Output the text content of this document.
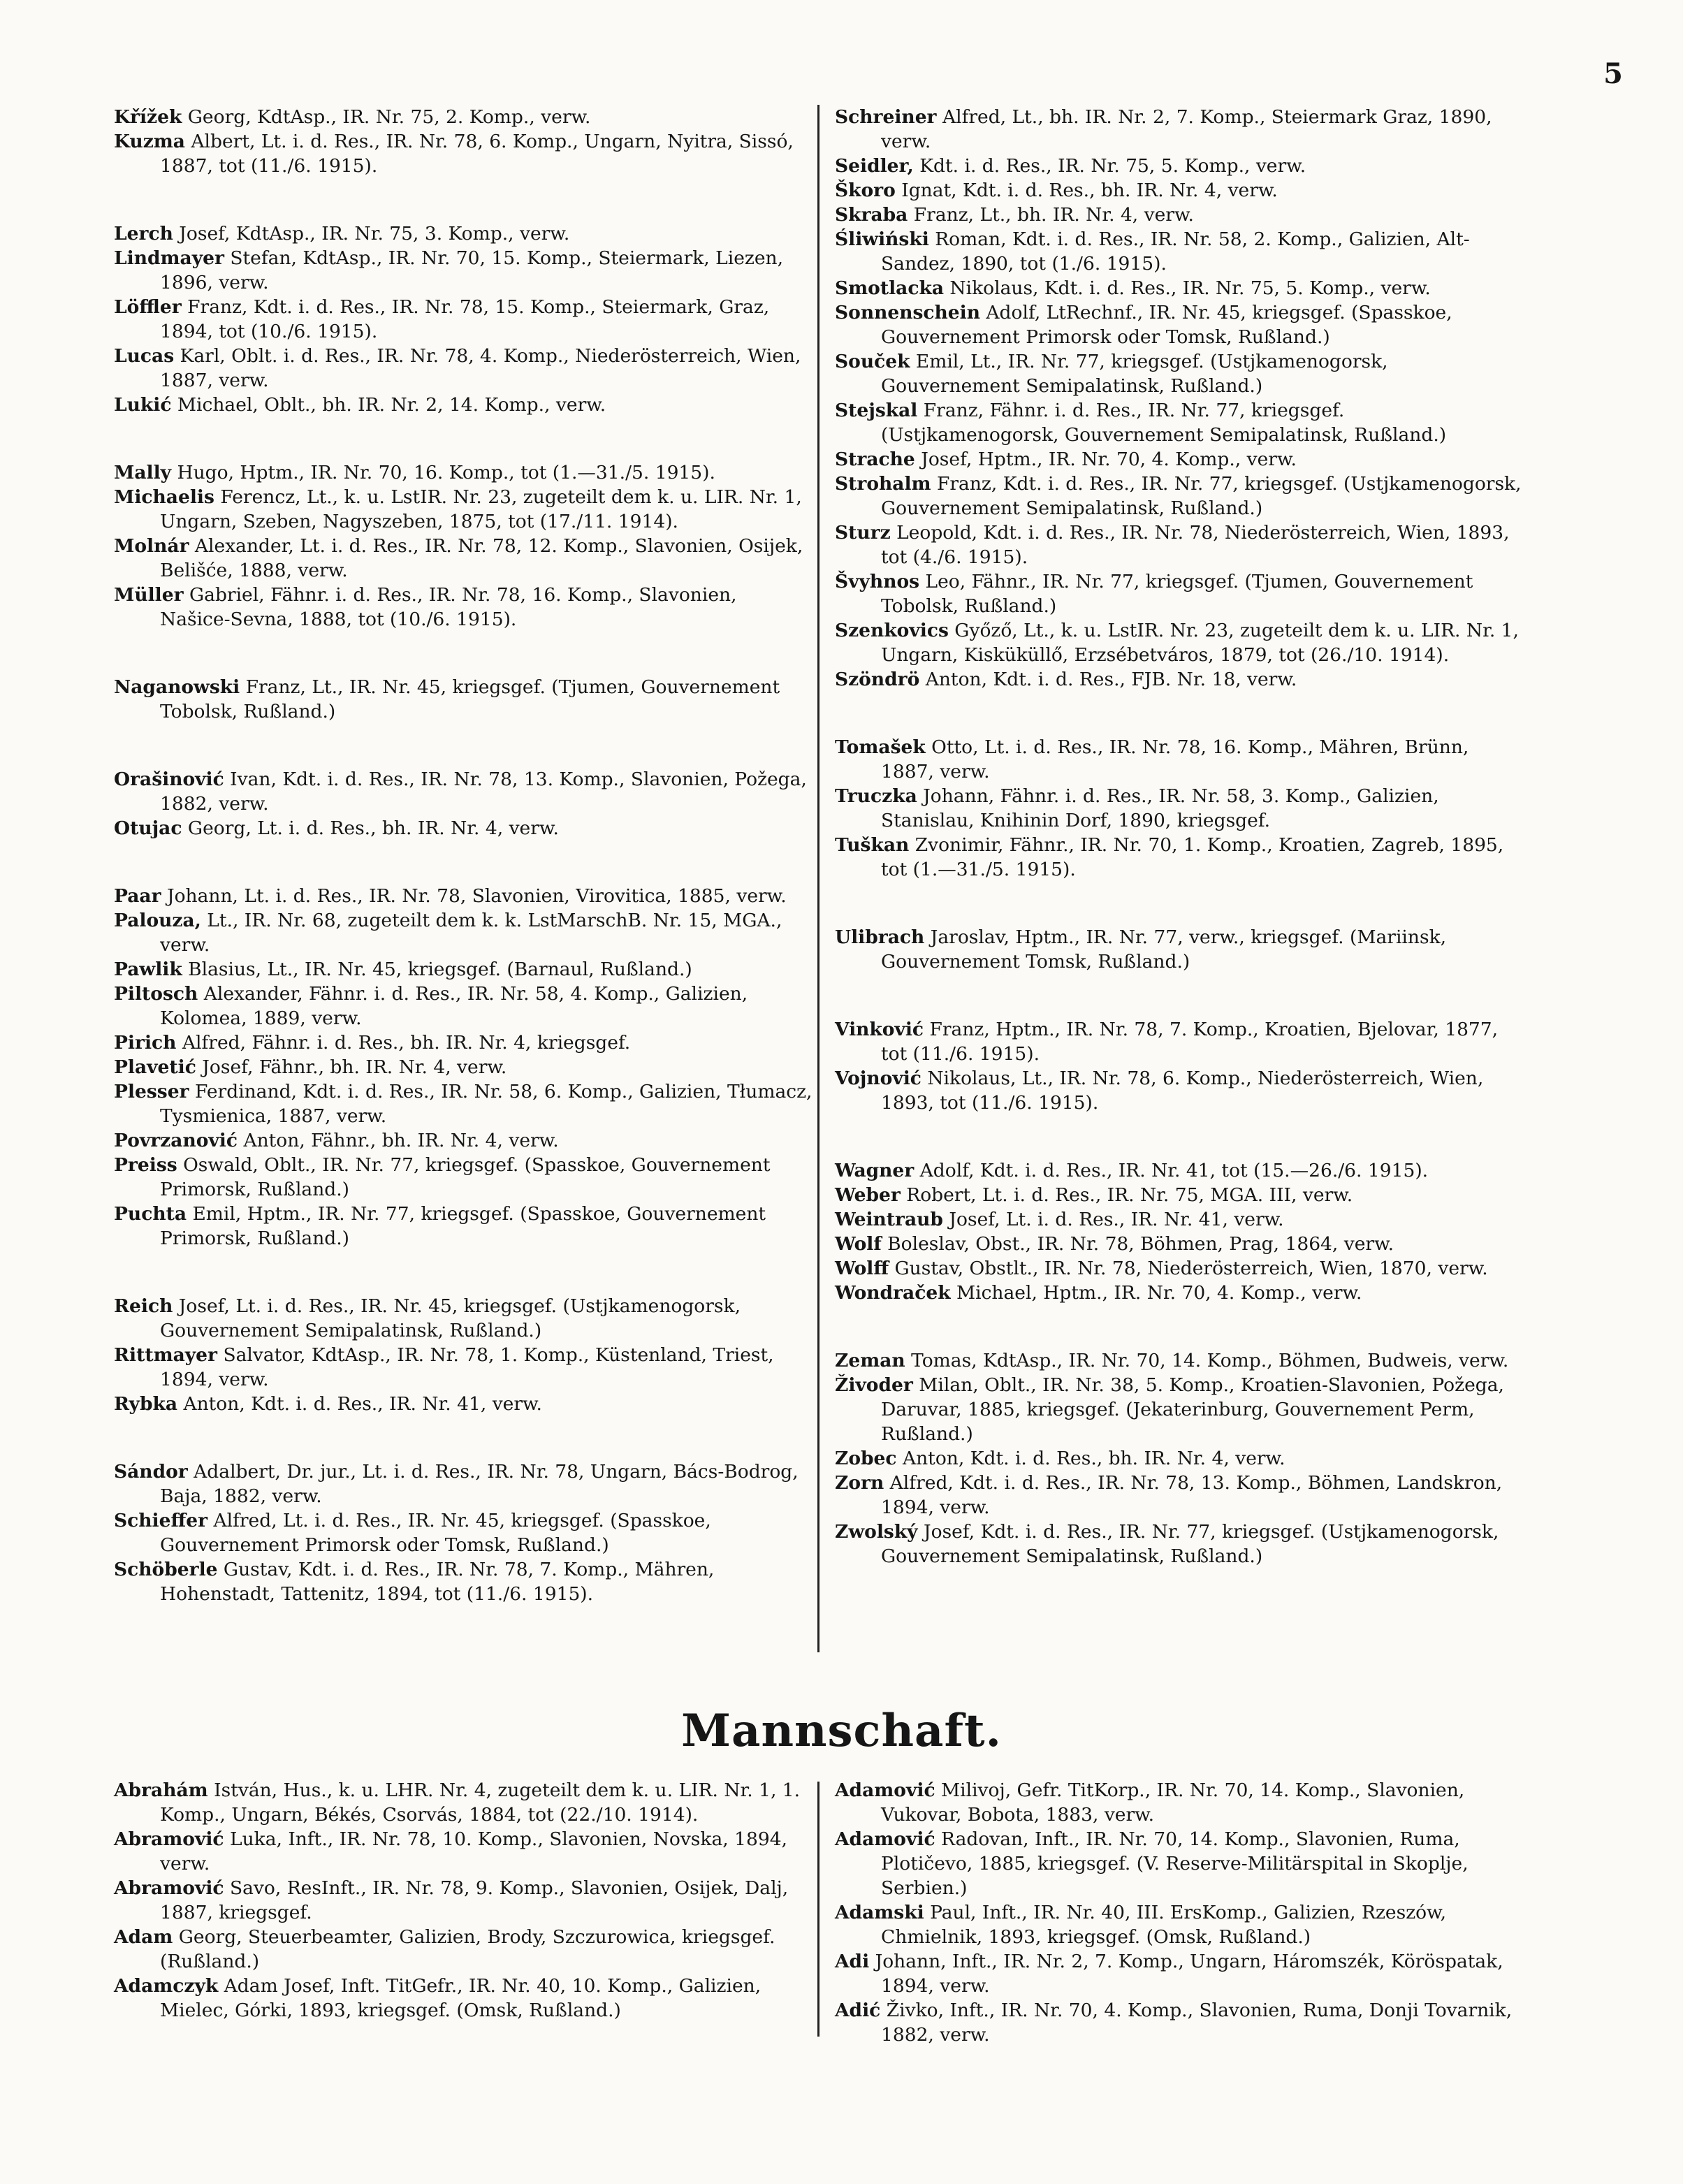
5

Křížek Georg, KdtAsp., IR. Nr. 75, 2. Komp., verw.

Kuzma Albert, Lt. i. d. Res., IR. Nr. 78, 6. Komp., Ungarn, Nyitra, Sissó, 1887, tot (11./6. 1915).

Lerch Josef, KdtAsp., IR. Nr. 75, 3. Komp., verw.

Lindmayer Stefan, KdtAsp., IR. Nr. 70, 15. Komp., Steiermark, Liezen, 1896, verw.

Löffler Franz, Kdt. i. d. Res., IR. Nr. 78, 15. Komp., Steiermark, Graz, 1894, tot (10./6. 1915).

Lucas Karl, Oblt. i. d. Res., IR. Nr. 78, 4. Komp., Niederösterreich, Wien, 1887, verw.

Lukić Michael, Oblt., bh. IR. Nr. 2, 14. Komp., verw.

Mally Hugo, Hptm., IR. Nr. 70, 16. Komp., tot (1.—31./5. 1915).

Michaelis Ferencz, Lt., k. u. LstIR. Nr. 23, zugeteilt dem k. u. LIR. Nr. 1, Ungarn, Szeben, Nagyszeben, 1875, tot (17./11. 1914).

Molnár Alexander, Lt. i. d. Res., IR. Nr. 78, 12. Komp., Slavonien, Osijek, Belišće, 1888, verw.

Müller Gabriel, Fähnr. i. d. Res., IR. Nr. 78, 16. Komp., Slavonien, Našice-Sevna, 1888, tot (10./6. 1915).

Naganowski Franz, Lt., IR. Nr. 45, kriegsgef. (Tjumen, Gouvernement Tobolsk, Rußland.)

Orašinović Ivan, Kdt. i. d. Res., IR. Nr. 78, 13. Komp., Slavonien, Požega, 1882, verw.

Otujac Georg, Lt. i. d. Res., bh. IR. Nr. 4, verw.

Paar Johann, Lt. i. d. Res., IR. Nr. 78, Slavonien, Virovitica, 1885, verw.

Palouza, Lt., IR. Nr. 68, zugeteilt dem k. k. LstMarschB. Nr. 15, MGA., verw.

Pawlik Blasius, Lt., IR. Nr. 45, kriegsgef. (Barnaul, Rußland.)

Piltosch Alexander, Fähnr. i. d. Res., IR. Nr. 58, 4. Komp., Galizien, Kolomea, 1889, verw.

Pirich Alfred, Fähnr. i. d. Res., bh. IR. Nr. 4, kriegsgef.

Plavetić Josef, Fähnr., bh. IR. Nr. 4, verw.

Plesser Ferdinand, Kdt. i. d. Res., IR. Nr. 58, 6. Komp., Galizien, Tłumacz, Tysmienica, 1887, verw.

Povrzanović Anton, Fähnr., bh. IR. Nr. 4, verw.

Preiss Oswald, Oblt., IR. Nr. 77, kriegsgef. (Spasskoe, Gouvernement Primorsk, Rußland.)

Puchta Emil, Hptm., IR. Nr. 77, kriegsgef. (Spasskoe, Gouvernement Primorsk, Rußland.)

Reich Josef, Lt. i. d. Res., IR. Nr. 45, kriegsgef. (Ustjkamenogorsk, Gouvernement Semipalatinsk, Rußland.)

Rittmayer Salvator, KdtAsp., IR. Nr. 78, 1. Komp., Küstenland, Triest, 1894, verw.

Rybka Anton, Kdt. i. d. Res., IR. Nr. 41, verw.

Sándor Adalbert, Dr. jur., Lt. i. d. Res., IR. Nr. 78, Ungarn, Bács-Bodrog, Baja, 1882, verw.

Schieffer Alfred, Lt. i. d. Res., IR. Nr. 45, kriegsgef. (Spasskoe, Gouvernement Primorsk oder Tomsk, Rußland.)

Schöberle Gustav, Kdt. i. d. Res., IR. Nr. 78, 7. Komp., Mähren, Hohenstadt, Tattenitz, 1894, tot (11./6. 1915).

Schreiner Alfred, Lt., bh. IR. Nr. 2, 7. Komp., Steiermark Graz, 1890, verw.

Seidler, Kdt. i. d. Res., IR. Nr. 75, 5. Komp., verw.

Škoro Ignat, Kdt. i. d. Res., bh. IR. Nr. 4, verw.

Skraba Franz, Lt., bh. IR. Nr. 4, verw.

Śliwiński Roman, Kdt. i. d. Res., IR. Nr. 58, 2. Komp., Galizien, Alt-Sandez, 1890, tot (1./6. 1915).

Smotlacka Nikolaus, Kdt. i. d. Res., IR. Nr. 75, 5. Komp., verw.

Sonnenschein Adolf, LtRechnf., IR. Nr. 45, kriegsgef. (Spasskoe, Gouvernement Primorsk oder Tomsk, Rußland.)

Souček Emil, Lt., IR. Nr. 77, kriegsgef. (Ustjkamenogorsk, Gouvernement Semipalatinsk, Rußland.)

Stejskal Franz, Fähnr. i. d. Res., IR. Nr. 77, kriegsgef. (Ustjkamenogorsk, Gouvernement Semipalatinsk, Rußland.)

Strache Josef, Hptm., IR. Nr. 70, 4. Komp., verw.

Strohalm Franz, Kdt. i. d. Res., IR. Nr. 77, kriegsgef. (Ustjkamenogorsk, Gouvernement Semipalatinsk, Rußland.)

Sturz Leopold, Kdt. i. d. Res., IR. Nr. 78, Niederösterreich, Wien, 1893, tot (4./6. 1915).

Švyhnos Leo, Fähnr., IR. Nr. 77, kriegsgef. (Tjumen, Gouvernement Tobolsk, Rußland.)

Szenkovics Győző, Lt., k. u. LstIR. Nr. 23, zugeteilt dem k. u. LIR. Nr. 1, Ungarn, Kisküküllő, Erzsébetváros, 1879, tot (26./10. 1914).

Szöndrö Anton, Kdt. i. d. Res., FJB. Nr. 18, verw.

Tomašek Otto, Lt. i. d. Res., IR. Nr. 78, 16. Komp., Mähren, Brünn, 1887, verw.

Truczka Johann, Fähnr. i. d. Res., IR. Nr. 58, 3. Komp., Galizien, Stanislau, Knihinin Dorf, 1890, kriegsgef.

Tuškan Zvonimir, Fähnr., IR. Nr. 70, 1. Komp., Kroatien, Zagreb, 1895, tot (1.—31./5. 1915).

Ulibrach Jaroslav, Hptm., IR. Nr. 77, verw., kriegsgef. (Mariinsk, Gouvernement Tomsk, Rußland.)

Vinković Franz, Hptm., IR. Nr. 78, 7. Komp., Kroatien, Bjelovar, 1877, tot (11./6. 1915).

Vojnović Nikolaus, Lt., IR. Nr. 78, 6. Komp., Niederösterreich, Wien, 1893, tot (11./6. 1915).

Wagner Adolf, Kdt. i. d. Res., IR. Nr. 41, tot (15.—26./6. 1915).

Weber Robert, Lt. i. d. Res., IR. Nr. 75, MGA. III, verw.

Weintraub Josef, Lt. i. d. Res., IR. Nr. 41, verw.

Wolf Boleslav, Obst., IR. Nr. 78, Böhmen, Prag, 1864, verw.

Wolff Gustav, Obstlt., IR. Nr. 78, Niederösterreich, Wien, 1870, verw.

Wondraček Michael, Hptm., IR. Nr. 70, 4. Komp., verw.

Zeman Tomas, KdtAsp., IR. Nr. 70, 14. Komp., Böhmen, Budweis, verw.

Živoder Milan, Oblt., IR. Nr. 38, 5. Komp., Kroatien-Slavonien, Požega, Daruvar, 1885, kriegsgef. (Jekaterinburg, Gouvernement Perm, Rußland.)

Zobec Anton, Kdt. i. d. Res., bh. IR. Nr. 4, verw.

Zorn Alfred, Kdt. i. d. Res., IR. Nr. 78, 13. Komp., Böhmen, Landskron, 1894, verw.

Zwolský Josef, Kdt. i. d. Res., IR. Nr. 77, kriegsgef. (Ustjkamenogorsk, Gouvernement Semipalatinsk, Rußland.)

Mannschaft.

Abrahám István, Hus., k. u. LHR. Nr. 4, zugeteilt dem k. u. LIR. Nr. 1, 1. Komp., Ungarn, Békés, Csorvás, 1884, tot (22./10. 1914).

Abramović Luka, Inft., IR. Nr. 78, 10. Komp., Slavonien, Novska, 1894, verw.

Abramović Savo, ResInft., IR. Nr. 78, 9. Komp., Slavonien, Osijek, Dalj, 1887, kriegsgef.

Adam Georg, Steuerbeamter, Galizien, Brody, Szczurowica, kriegsgef. (Rußland.)

Adamczyk Adam Josef, Inft. TitGefr., IR. Nr. 40, 10. Komp., Galizien, Mielec, Górki, 1893, kriegsgef. (Omsk, Rußland.)

Adamović Milivoj, Gefr. TitKorp., IR. Nr. 70, 14. Komp., Slavonien, Vukovar, Bobota, 1883, verw.

Adamović Radovan, Inft., IR. Nr. 70, 14. Komp., Slavonien, Ruma, Plotičevo, 1885, kriegsgef. (V. Reserve-Militärspital in Skoplje, Serbien.)

Adamski Paul, Inft., IR. Nr. 40, III. ErsKomp., Galizien, Rzeszów, Chmielnik, 1893, kriegsgef. (Omsk, Rußland.)

Adi Johann, Inft., IR. Nr. 2, 7. Komp., Ungarn, Háromszék, Köröspatak, 1894, verw.

Adić Živko, Inft., IR. Nr. 70, 4. Komp., Slavonien, Ruma, Donji Tovarnik, 1882, verw.
